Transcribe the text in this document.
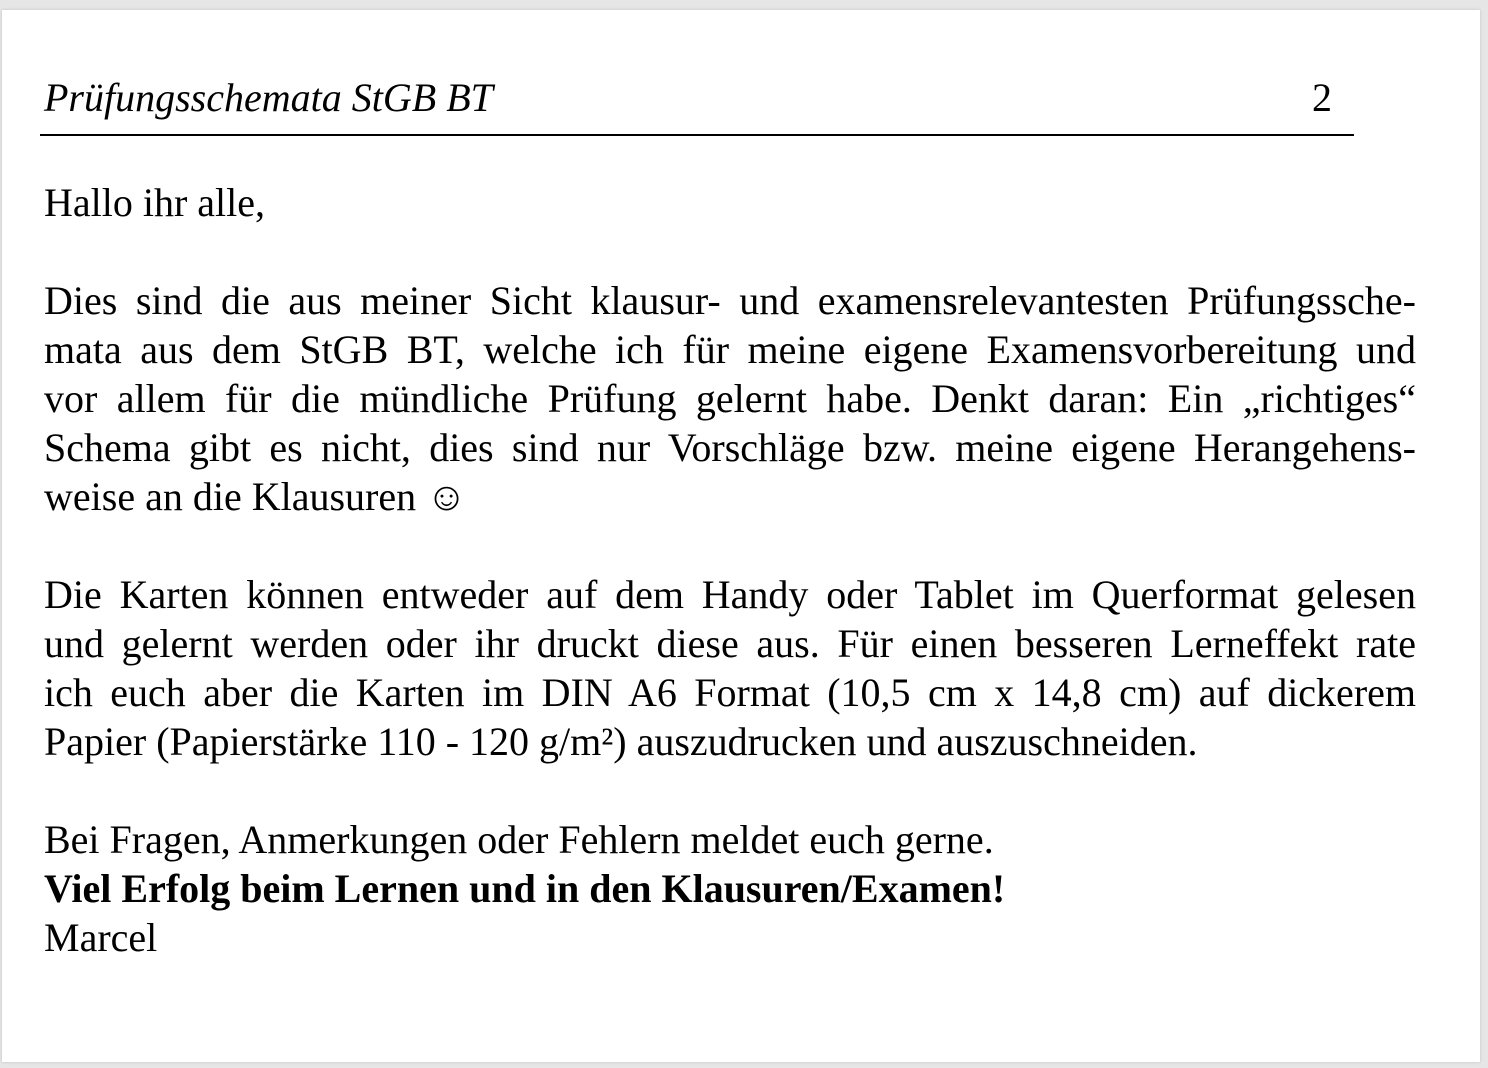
Prüfungsschemata StGB BT	2
Hallo ihr alle,
Dies sind die aus meiner Sicht klausur- und examensrelevantesten Prüfungssche-
mata aus dem StGB BT, welche ich für meine eigene Examensvorbereitung und
vor allem für die mündliche Prüfung gelernt habe. Denkt daran: Ein „richtiges“
Schema gibt es nicht, dies sind nur Vorschläge bzw. meine eigene Herangehens-
weise an die Klausuren ☺
Die Karten können entweder auf dem Handy oder Tablet im Querformat gelesen
und gelernt werden oder ihr druckt diese aus. Für einen besseren Lerneffekt rate
ich euch aber die Karten im DIN A6 Format (10,5 cm x 14,8 cm) auf dickerem
Papier (Papierstärke 110 - 120 g/m²) auszudrucken und auszuschneiden.
Bei Fragen, Anmerkungen oder Fehlern meldet euch gerne.
Viel Erfolg beim Lernen und in den Klausuren/Examen!
Marcel
